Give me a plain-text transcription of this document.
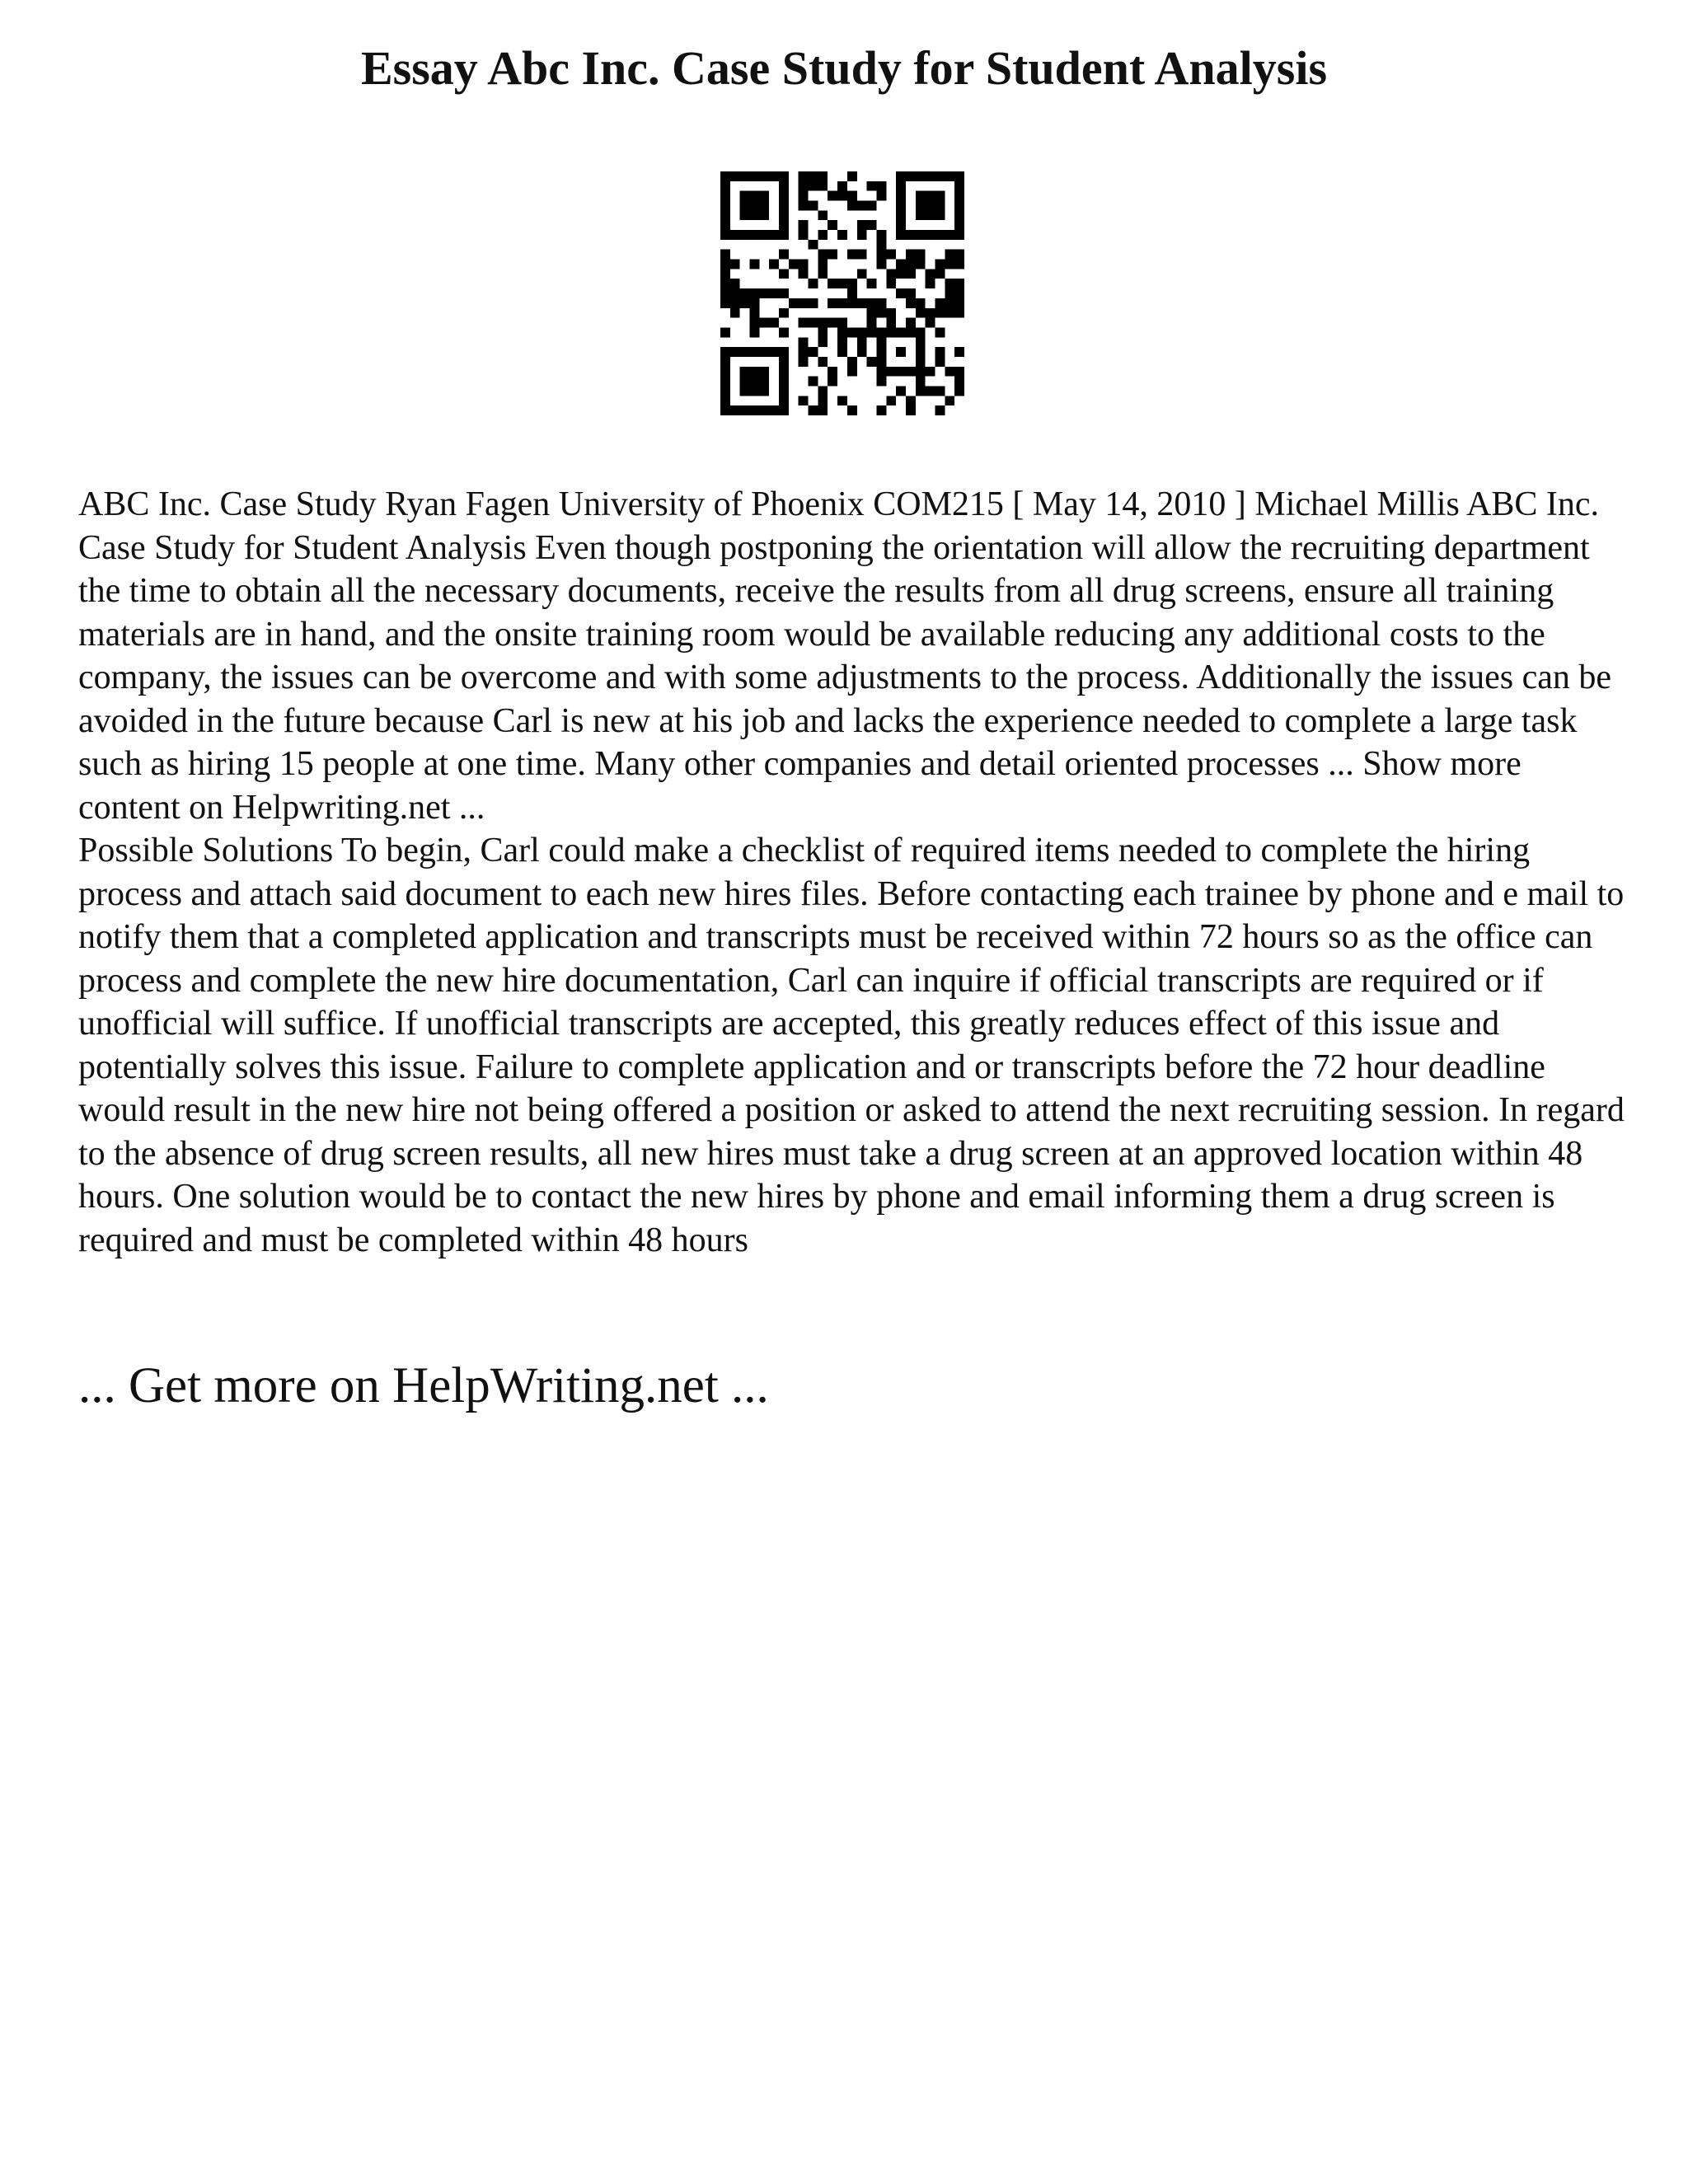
Essay Abc Inc. Case Study for Student Analysis

ABC Inc. Case Study Ryan Fagen University of Phoenix COM215 [ May 14, 2010 ] Michael Millis ABC Inc. Case Study for Student Analysis Even though postponing the orientation will allow the recruiting department the time to obtain all the necessary documents, receive the results from all drug screens, ensure all training materials are in hand, and the onsite training room would be available reducing any additional costs to the company, the issues can be overcome and with some adjustments to the process. Additionally the issues can be avoided in the future because Carl is new at his job and lacks the experience needed to complete a large task such as hiring 15 people at one time. Many other companies and detail oriented processes ... Show more content on Helpwriting.net ...

Possible Solutions To begin, Carl could make a checklist of required items needed to complete the hiring process and attach said document to each new hires files. Before contacting each trainee by phone and e mail to notify them that a completed application and transcripts must be received within 72 hours so as the office can process and complete the new hire documentation, Carl can inquire if official transcripts are required or if unofficial will suffice. If unofficial transcripts are accepted, this greatly reduces effect of this issue and potentially solves this issue. Failure to complete application and or transcripts before the 72 hour deadline would result in the new hire not being offered a position or asked to attend the next recruiting session. In regard to the absence of drug screen results, all new hires must take a drug screen at an approved location within 48 hours. One solution would be to contact the new hires by phone and email informing them a drug screen is required and must be completed within 48 hours

... Get more on HelpWriting.net ...
